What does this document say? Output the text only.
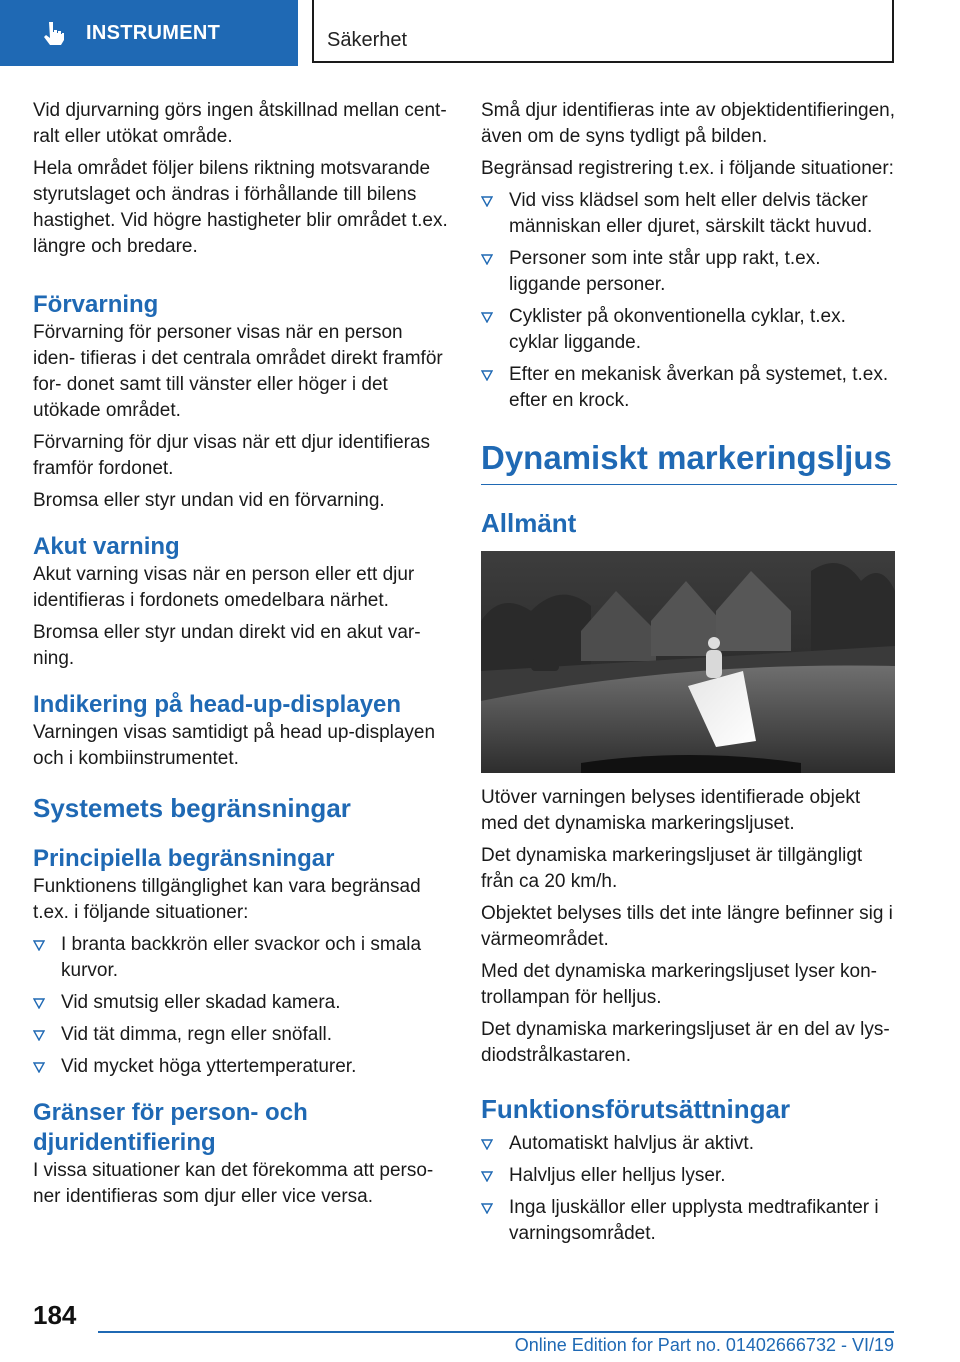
INSTRUMENT	Säkerhet

Vid djurvarning görs ingen åtskillnad mellan cent‐ ralt eller utökat område.

Hela området följer bilens riktning motsvarande styrutslaget och ändras i förhållande till bilens hastighet. Vid högre hastigheter blir området t.ex. längre och bredare.

Förvarning

Förvarning för personer visas när en person iden‐ tifieras i det centrala området direkt framför for‐ donet samt till vänster eller höger i det utökade området.

Förvarning för djur visas när ett djur identifieras framför fordonet.

Bromsa eller styr undan vid en förvarning.

Akut varning

Akut varning visas när en person eller ett djur identifieras i fordonets omedelbara närhet.

Bromsa eller styr undan direkt vid en akut var‐ ning.

Indikering på head-up-displayen

Varningen visas samtidigt på head up-displayen och i kombiinstrumentet.

Systemets begränsningar
Principiella begränsningar

Funktionens tillgänglighet kan vara begränsad t.ex. i följande situationer:

I branta backkrön eller svackor och i smala kurvor.
Vid smutsig eller skadad kamera.
Vid tät dimma, regn eller snöfall.
Vid mycket höga yttertemperaturer.
Gränser för person- och djuridentifiering

I vissa situationer kan det förekomma att perso‐ ner identifieras som djur eller vice versa.

Små djur identifieras inte av objektidentifieringen, även om de syns tydligt på bilden.

Begränsad registrering t.ex. i följande situationer:

Vid viss klädsel som helt eller delvis täcker människan eller djuret, särskilt täckt huvud.
Personer som inte står upp rakt, t.ex. liggande personer.
Cyklister på okonventionella cyklar, t.ex. cyklar liggande.
Efter en mekanisk åverkan på systemet, t.ex. efter en krock.
Dynamiskt markeringsljus
Allmänt

Utöver varningen belyses identifierade objekt med det dynamiska markeringsljuset.

Det dynamiska markeringsljuset är tillgängligt från ca 20 km/h.

Objektet belyses tills det inte längre befinner sig i värmeområdet.

Med det dynamiska markeringsljuset lyser kon‐ trollampan för helljus.

Det dynamiska markeringsljuset är en del av lys‐ diodstrålkastaren.

Funktionsförutsättningar
Automatiskt halvljus är aktivt.
Halvljus eller helljus lyser.
Inga ljuskällor eller upplysta medtrafikanter i varningsområdet.
184
Online Edition for Part no. 01402666732 - VI/19
